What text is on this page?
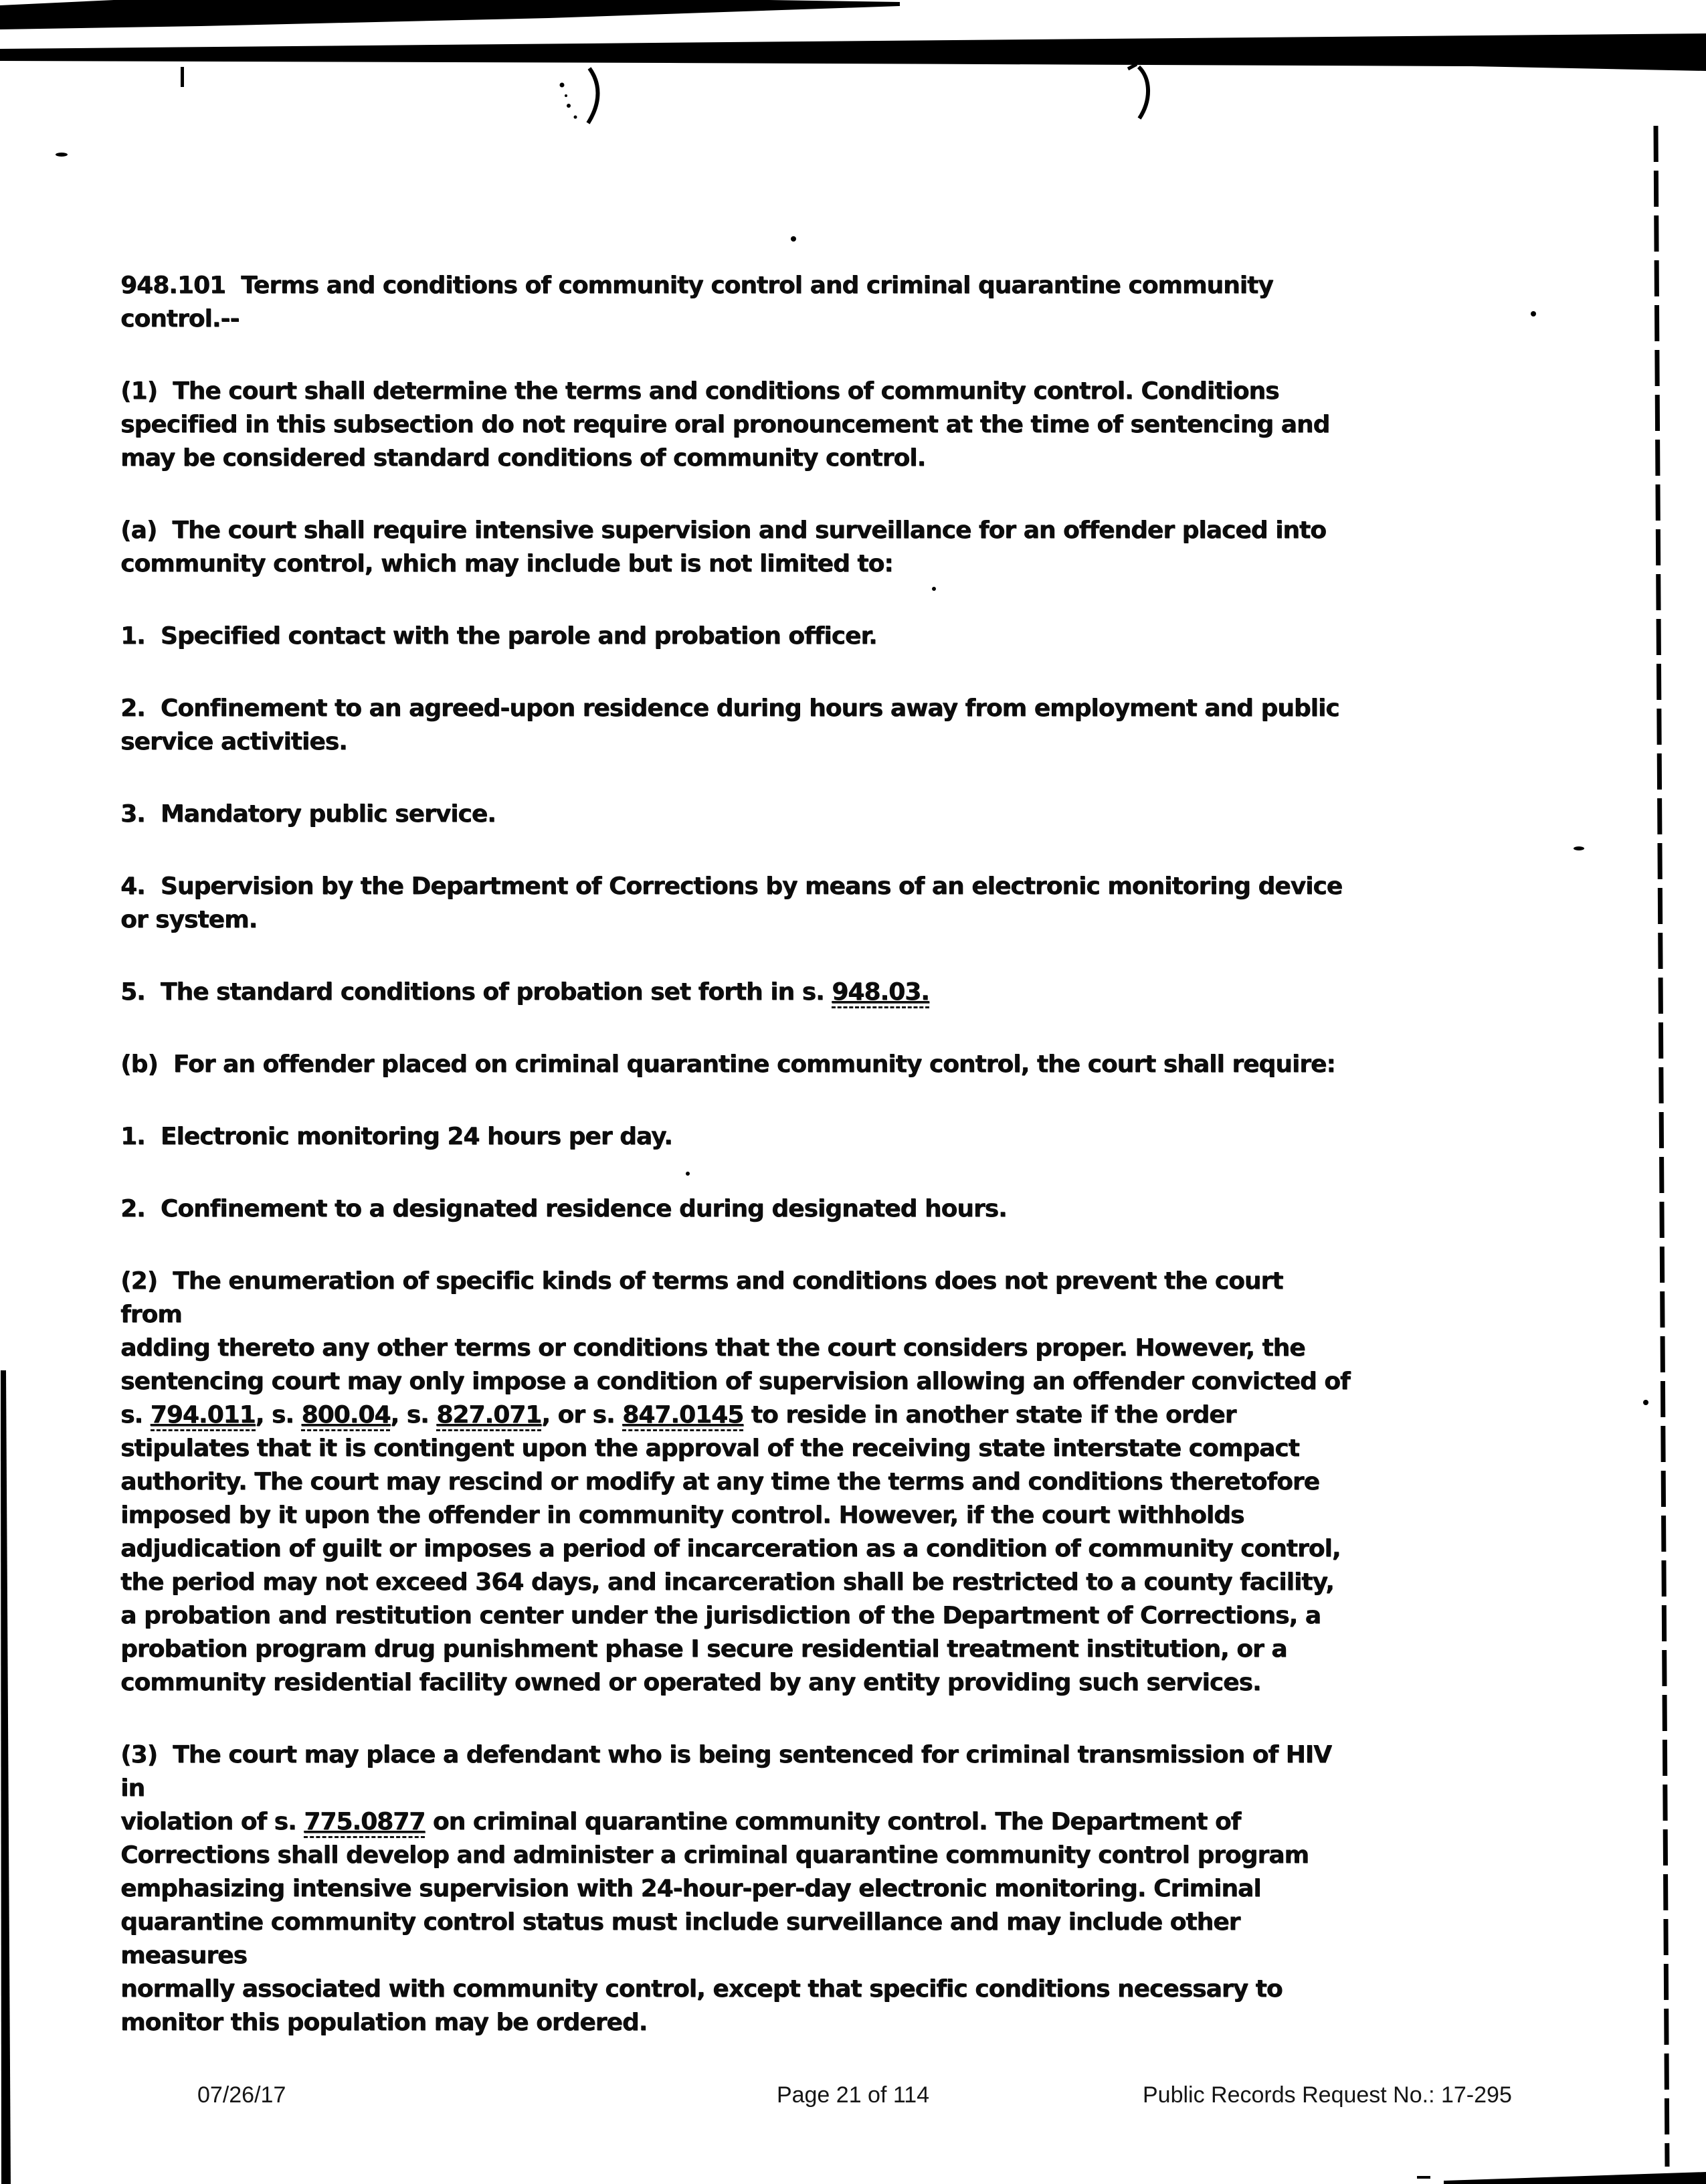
948.101  Terms and conditions of community control and criminal quarantine community
control.--

(1)  The court shall determine the terms and conditions of community control. Conditions
specified in this subsection do not require oral pronouncement at the time of sentencing and
may be considered standard conditions of community control.

(a)  The court shall require intensive supervision and surveillance for an offender placed into
community control, which may include but is not limited to:

1.  Specified contact with the parole and probation officer.

2.  Confinement to an agreed-upon residence during hours away from employment and public
service activities.

3.  Mandatory public service.

4.  Supervision by the Department of Corrections by means of an electronic monitoring device
or system.

5.  The standard conditions of probation set forth in s. 948.03.

(b)  For an offender placed on criminal quarantine community control, the court shall require:

1.  Electronic monitoring 24 hours per day.

2.  Confinement to a designated residence during designated hours.

(2)  The enumeration of specific kinds of terms and conditions does not prevent the court from
adding thereto any other terms or conditions that the court considers proper. However, the
sentencing court may only impose a condition of supervision allowing an offender convicted of
s. 794.011, s. 800.04, s. 827.071, or s. 847.0145 to reside in another state if the order
stipulates that it is contingent upon the approval of the receiving state interstate compact
authority. The court may rescind or modify at any time the terms and conditions theretofore
imposed by it upon the offender in community control. However, if the court withholds
adjudication of guilt or imposes a period of incarceration as a condition of community control,
the period may not exceed 364 days, and incarceration shall be restricted to a county facility,
a probation and restitution center under the jurisdiction of the Department of Corrections, a
probation program drug punishment phase I secure residential treatment institution, or a
community residential facility owned or operated by any entity providing such services.

(3)  The court may place a defendant who is being sentenced for criminal transmission of HIV in
violation of s. 775.0877 on criminal quarantine community control. The Department of
Corrections shall develop and administer a criminal quarantine community control program
emphasizing intensive supervision with 24-hour-per-day electronic monitoring. Criminal
quarantine community control status must include surveillance and may include other measures
normally associated with community control, except that specific conditions necessary to
monitor this population may be ordered.

07/26/17	Page 21 of 114	Public Records Request No.: 17-295
